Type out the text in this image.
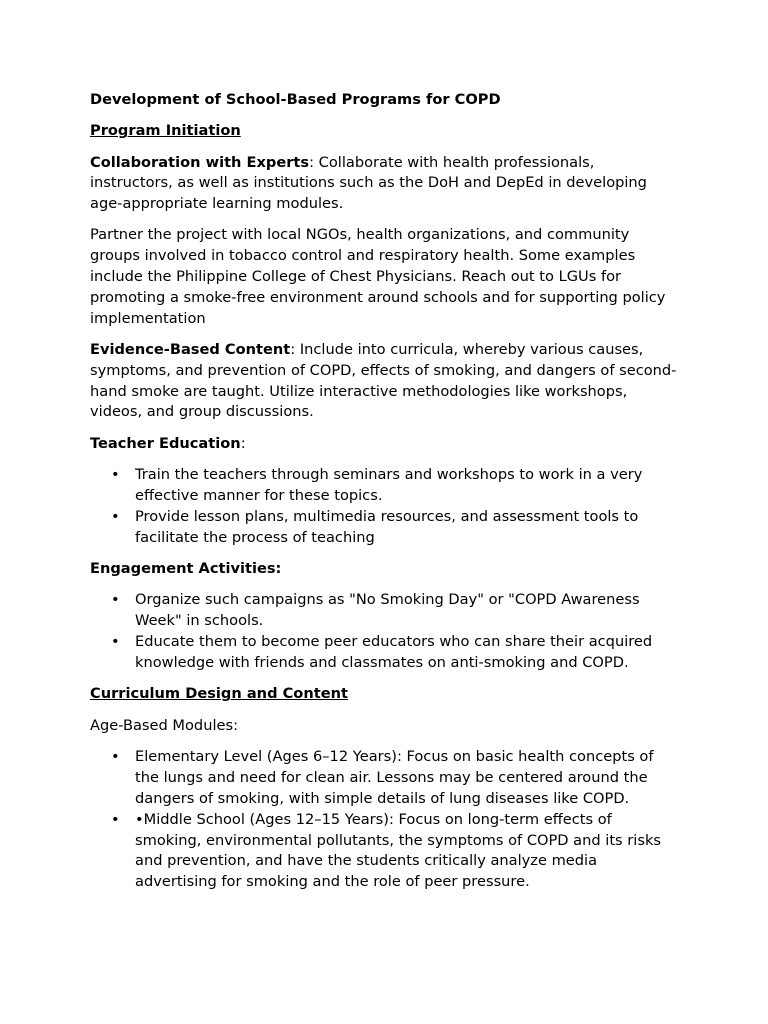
Development of School-Based Programs for COPD

Program Initiation

Collaboration with Experts: Collaborate with health professionals, instructors, as well as institutions such as the DoH and DepEd in developing age-appropriate learning modules.

Partner the project with local NGOs, health organizations, and community groups involved in tobacco control and respiratory health. Some examples include the Philippine College of Chest Physicians. Reach out to LGUs for promoting a smoke-free environment around schools and for supporting policy implementation

Evidence-Based Content: Include into curricula, whereby various causes, symptoms, and prevention of COPD, effects of smoking, and dangers of second-hand smoke are taught. Utilize interactive methodologies like workshops, videos, and group discussions.

Teacher Education:

• Train the teachers through seminars and workshops to work in a very effective manner for these topics.
• Provide lesson plans, multimedia resources, and assessment tools to facilitate the process of teaching

Engagement Activities:

• Organize such campaigns as "No Smoking Day" or "COPD Awareness Week" in schools.
• Educate them to become peer educators who can share their acquired knowledge with friends and classmates on anti-smoking and COPD.

Curriculum Design and Content

Age-Based Modules:

• Elementary Level (Ages 6–12 Years): Focus on basic health concepts of the lungs and need for clean air. Lessons may be centered around the dangers of smoking, with simple details of lung diseases like COPD.
• •Middle School (Ages 12–15 Years): Focus on long-term effects of smoking, environmental pollutants, the symptoms of COPD and its risks and prevention, and have the students critically analyze media advertising for smoking and the role of peer pressure.
